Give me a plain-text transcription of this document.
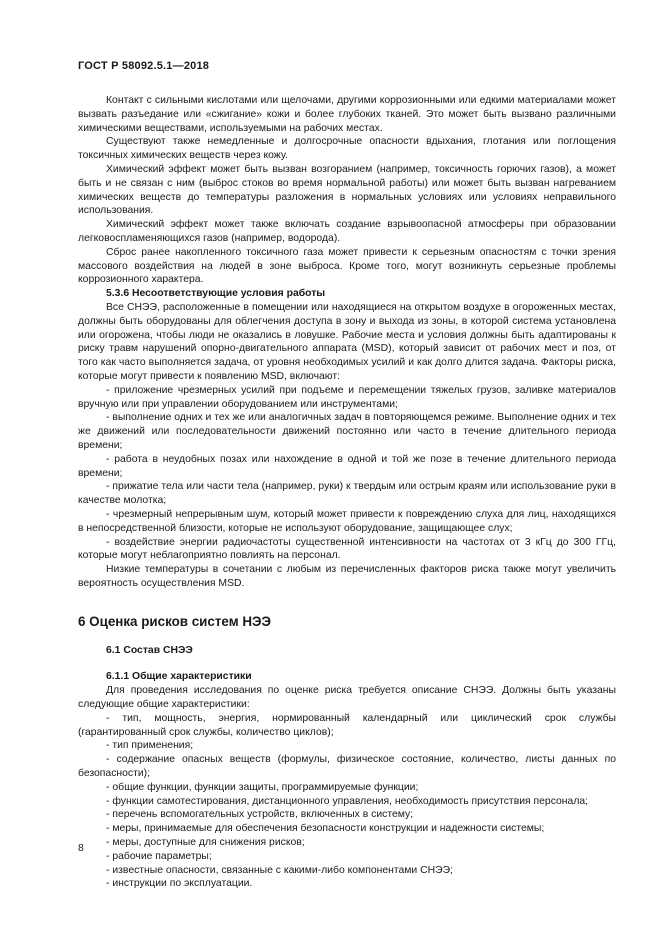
ГОСТ Р 58092.5.1—2018

Контакт с сильными кислотами или щелочами, другими коррозионными или едкими материалами может вызвать разъедание или «сжигание» кожи и более глубоких тканей. Это может быть вызвано различными химическими веществами, используемыми на рабочих местах.

Существуют также немедленные и долгосрочные опасности вдыхания, глотания или поглощения токсичных химических веществ через кожу.

Химический эффект может быть вызван возгоранием (например, токсичность горючих газов), а может быть и не связан с ним (выброс стоков во время нормальной работы) или может быть вызван нагреванием химических веществ до температуры разложения в нормальных условиях или условиях неправильного использования.

Химический эффект может также включать создание взрывоопасной атмосферы при образовании легковоспламеняющихся газов (например, водорода).

Сброс ранее накопленного токсичного газа может привести к серьезным опасностям с точки зрения массового воздействия на людей в зоне выброса. Кроме того, могут возникнуть серьезные проблемы коррозионного характера.

5.3.6 Несоответствующие условия работы

Все СНЭЭ, расположенные в помещении или находящиеся на открытом воздухе в огороженных местах, должны быть оборудованы для облегчения доступа в зону и выхода из зоны, в которой система установлена или огорожена, чтобы люди не оказались в ловушке. Рабочие места и условия должны быть адаптированы к риску травм нарушений опорно-двигательного аппарата (MSD), который зависит от рабочих мест и поз, от того как часто выполняется задача, от уровня необходимых усилий и как долго длится задача. Факторы риска, которые могут привести к появлению MSD, включают:

- приложение чрезмерных усилий при подъеме и перемещении тяжелых грузов, заливке материалов вручную или при управлении оборудованием или инструментами;

- выполнение одних и тех же или аналогичных задач в повторяющемся режиме. Выполнение одних и тех же движений или последовательности движений постоянно или часто в течение длительного периода времени;

- работа в неудобных позах или нахождение в одной и той же позе в течение длительного периода времени;

- прижатие тела или части тела (например, руки) к твердым или острым краям или использование руки в качестве молотка;

- чрезмерный непрерывным шум, который может привести к повреждению слуха для лиц, находящихся в непосредственной близости, которые не используют оборудование, защищающее слух;

- воздействие энергии радиочастоты существенной интенсивности на частотах от 3 кГц до 300 ГГц, которые могут неблагоприятно повлиять на персонал.

Низкие температуры в сочетании с любым из перечисленных факторов риска также могут увеличить вероятность осуществления MSD.

6 Оценка рисков систем НЭЭ

6.1 Состав СНЭЭ

6.1.1 Общие характеристики

Для проведения исследования по оценке риска требуется описание СНЭЭ. Должны быть указаны следующие общие характеристики:

- тип, мощность, энергия, нормированный календарный или циклический срок службы (гарантированный срок службы, количество циклов);

- тип применения;

- содержание опасных веществ (формулы, физическое состояние, количество, листы данных по безопасности);

- общие функции, функции защиты, программируемые функции;

- функции самотестирования, дистанционного управления, необходимость присутствия персонала;

- перечень вспомогательных устройств, включенных в систему;

- меры, принимаемые для обеспечения безопасности конструкции и надежности системы;

- меры, доступные для снижения рисков;

- рабочие параметры;

- известные опасности, связанные с какими-либо компонентами СНЭЭ;

- инструкции по эксплуатации.

8
